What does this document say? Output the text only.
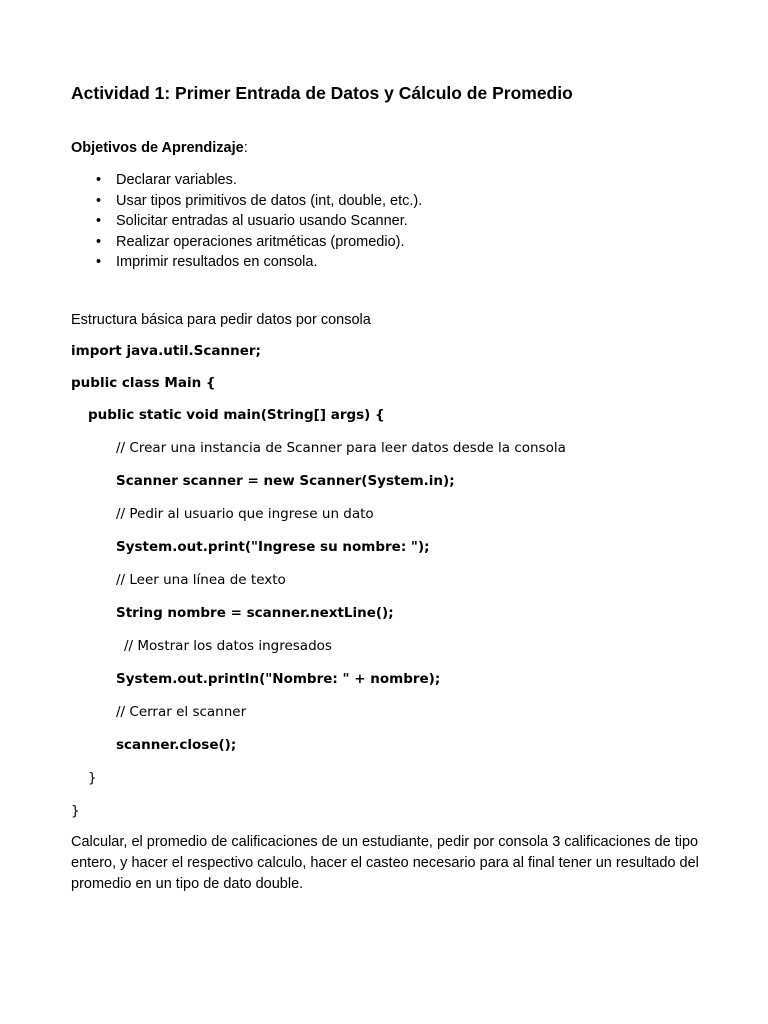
Actividad 1: Primer Entrada de Datos y Cálculo de Promedio
Objetivos de Aprendizaje:
• Declarar variables.
• Usar tipos primitivos de datos (int, double, etc.).
• Solicitar entradas al usuario usando Scanner.
• Realizar operaciones aritméticas (promedio).
• Imprimir resultados en consola.
Estructura básica para pedir datos por consola
import java.util.Scanner;
public class Main {
public static void main(String[] args) {
// Crear una instancia de Scanner para leer datos desde la consola
Scanner scanner = new Scanner(System.in);
// Pedir al usuario que ingrese un dato
System.out.print("Ingrese su nombre: ");
// Leer una línea de texto
String nombre = scanner.nextLine();
// Mostrar los datos ingresados
System.out.println("Nombre: " + nombre);
// Cerrar el scanner
scanner.close();
}
}
Calcular, el promedio de calificaciones de un estudiante, pedir por consola 3 calificaciones de tipo entero, y hacer el respectivo calculo, hacer el casteo necesario para al final tener un resultado del promedio en un tipo de dato double.
